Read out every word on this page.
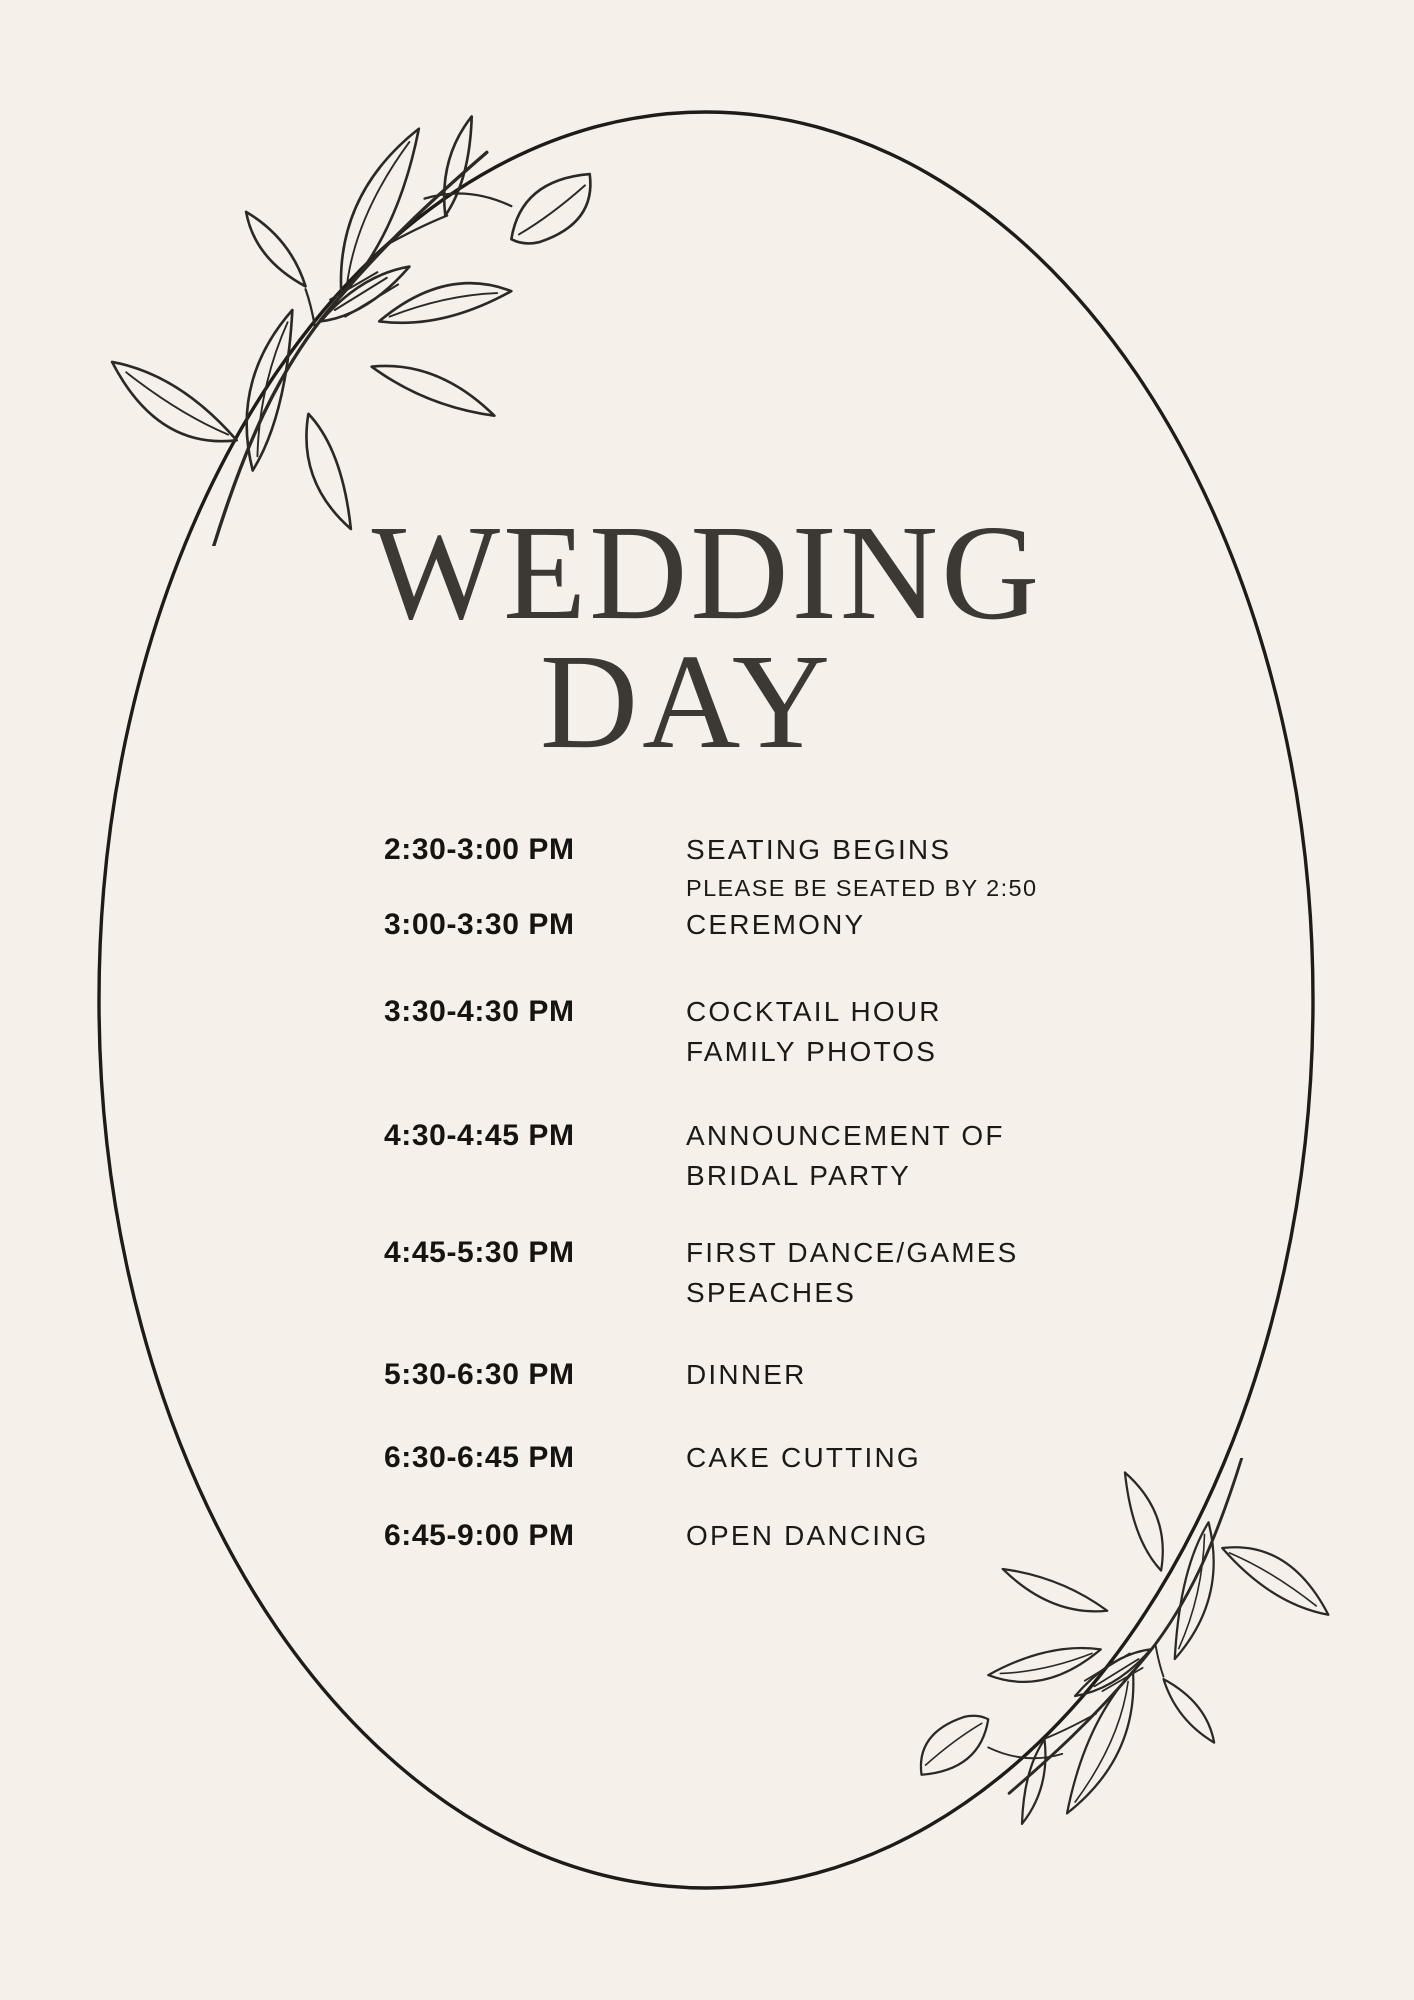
WEDDING
DAY
2:30-3:00 PM	SEATING BEGINS
PLEASE BE SEATED BY 2:50
3:00-3:30 PM	CEREMONY
3:30-4:30 PM	COCKTAIL HOUR
FAMILY PHOTOS
4:30-4:45 PM	ANNOUNCEMENT OF
BRIDAL PARTY
4:45-5:30 PM	FIRST DANCE/GAMES
SPEACHES
5:30-6:30 PM	DINNER
6:30-6:45 PM	CAKE CUTTING
6:45-9:00 PM	OPEN DANCING
